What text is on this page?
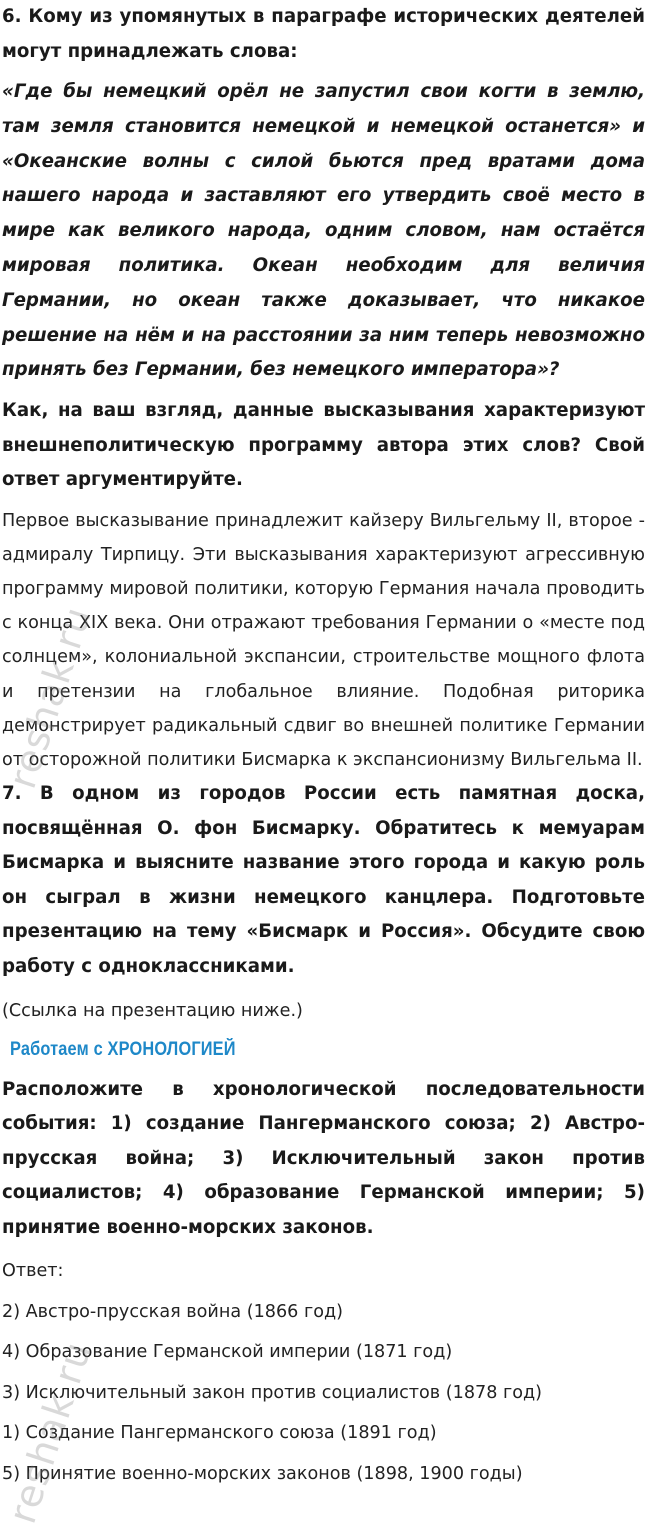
6. Кому из упомянутых в параграфе исторических деятелей могут принадлежать слова:

«Где бы немецкий орёл не запустил свои когти в землю, там земля становится немецкой и немецкой останется» и «Океанские волны с силой бьются пред вратами дома нашего народа и заставляют его утвердить своё место в мире как великого народа, одним словом, нам остаётся мировая политика. Океан необходим для величия Германии, но океан также доказывает, что никакое решение на нём и на расстоянии за ним теперь невозможно принять без Германии, без немецкого императора»?

Как, на ваш взгляд, данные высказывания характеризуют внешнеполитическую программу автора этих слов? Свой ответ аргументируйте.

Первое высказывание принадлежит кайзеру Вильгельму II, второе - адмиралу Тирпицу. Эти высказывания характеризуют агрессивную программу мировой политики, которую Германия начала проводить с конца XIX века. Они отражают требования Германии о «месте под солнцем», колониальной экспансии, строительстве мощного флота и претензии на глобальное влияние. Подобная риторика демонстрирует радикальный сдвиг во внешней политике Германии от осторожной политики Бисмарка к экспансионизму Вильгельма II.

7. В одном из городов России есть памятная доска, посвящённая О. фон Бисмарку. Обратитесь к мемуарам Бисмарка и выясните название этого города и какую роль он сыграл в жизни немецкого канцлера. Подготовьте презентацию на тему «Бисмарк и Россия». Обсудите свою работу с одноклассниками.

(Ссылка на презентацию ниже.)

Работаем с ХРОНОЛОГИЕЙ

Расположите в хронологической последовательности события: 1) создание Пангерманского союза; 2) Австро-прусская война; 3) Исключительный закон против социалистов; 4) образование Германской империи; 5) принятие военно-морских законов.

Ответ:

2) Австро-прусская война (1866 год)

4) Образование Германской империи (1871 год)

3) Исключительный закон против социалистов (1878 год)

1) Создание Пангерманского союза (1891 год)

5) Принятие военно-морских законов (1898, 1900 годы)

reshak.ru
reshak.ru
